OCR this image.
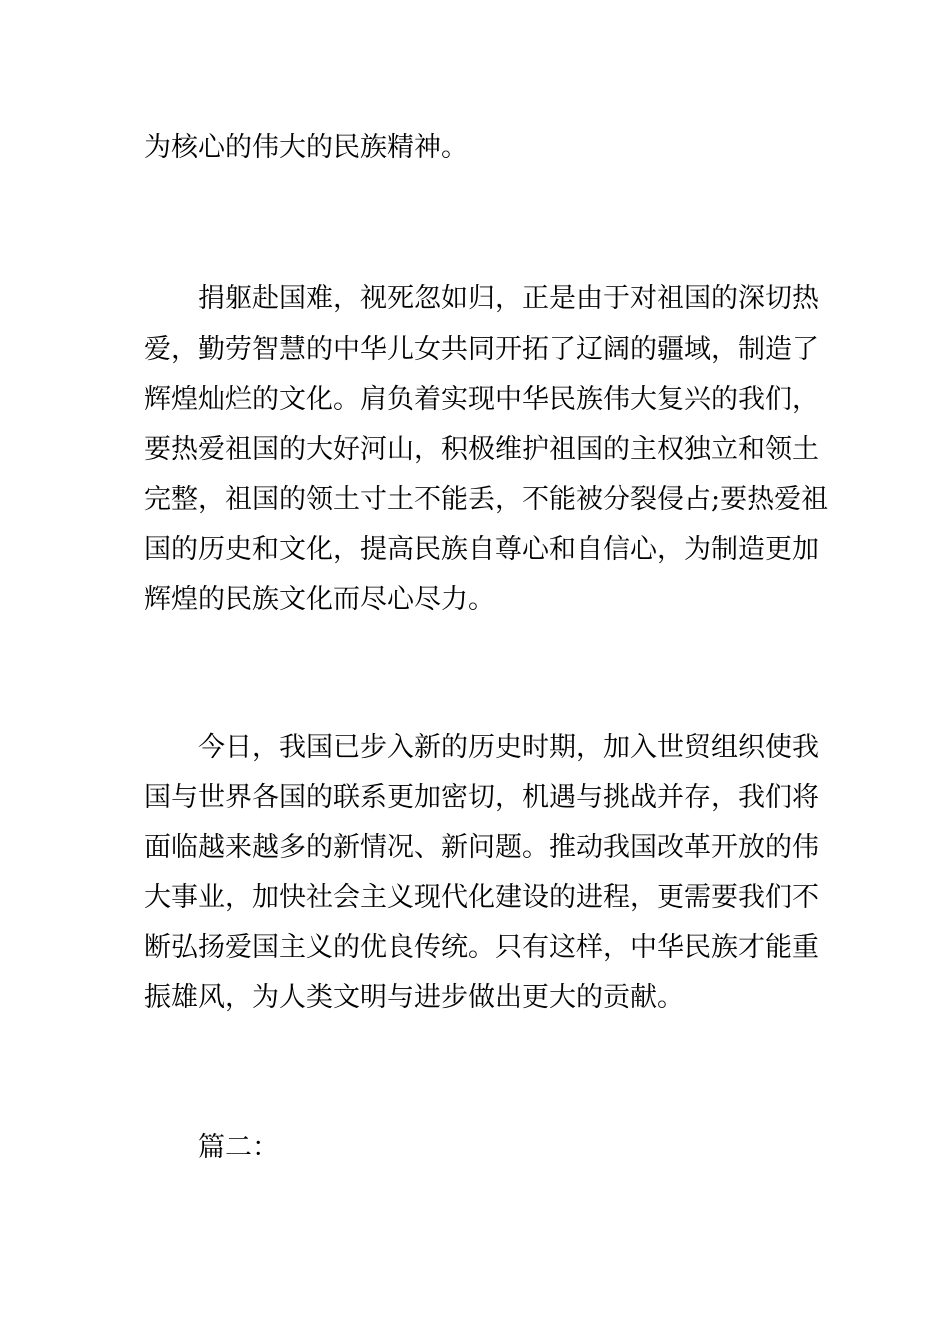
为核心的伟大的民族精神。

捐躯赴国难，视死忽如归，正是由于对祖国的深切热

爱，勤劳智慧的中华儿女共同开拓了辽阔的疆域，制造了

辉煌灿烂的文化。肩负着实现中华民族伟大复兴的我们，

要热爱祖国的大好河山，积极维护祖国的主权独立和领土

完整，祖国的领土寸土不能丢，不能被分裂侵占;要热爱祖

国的历史和文化，提高民族自尊心和自信心，为制造更加

辉煌的民族文化而尽心尽力。

今日，我国已步入新的历史时期，加入世贸组织使我

国与世界各国的联系更加密切，机遇与挑战并存，我们将

面临越来越多的新情况、新问题。推动我国改革开放的伟

大事业，加快社会主义现代化建设的进程，更需要我们不

断弘扬爱国主义的优良传统。只有这样，中华民族才能重

振雄风，为人类文明与进步做出更大的贡献。

篇二：
